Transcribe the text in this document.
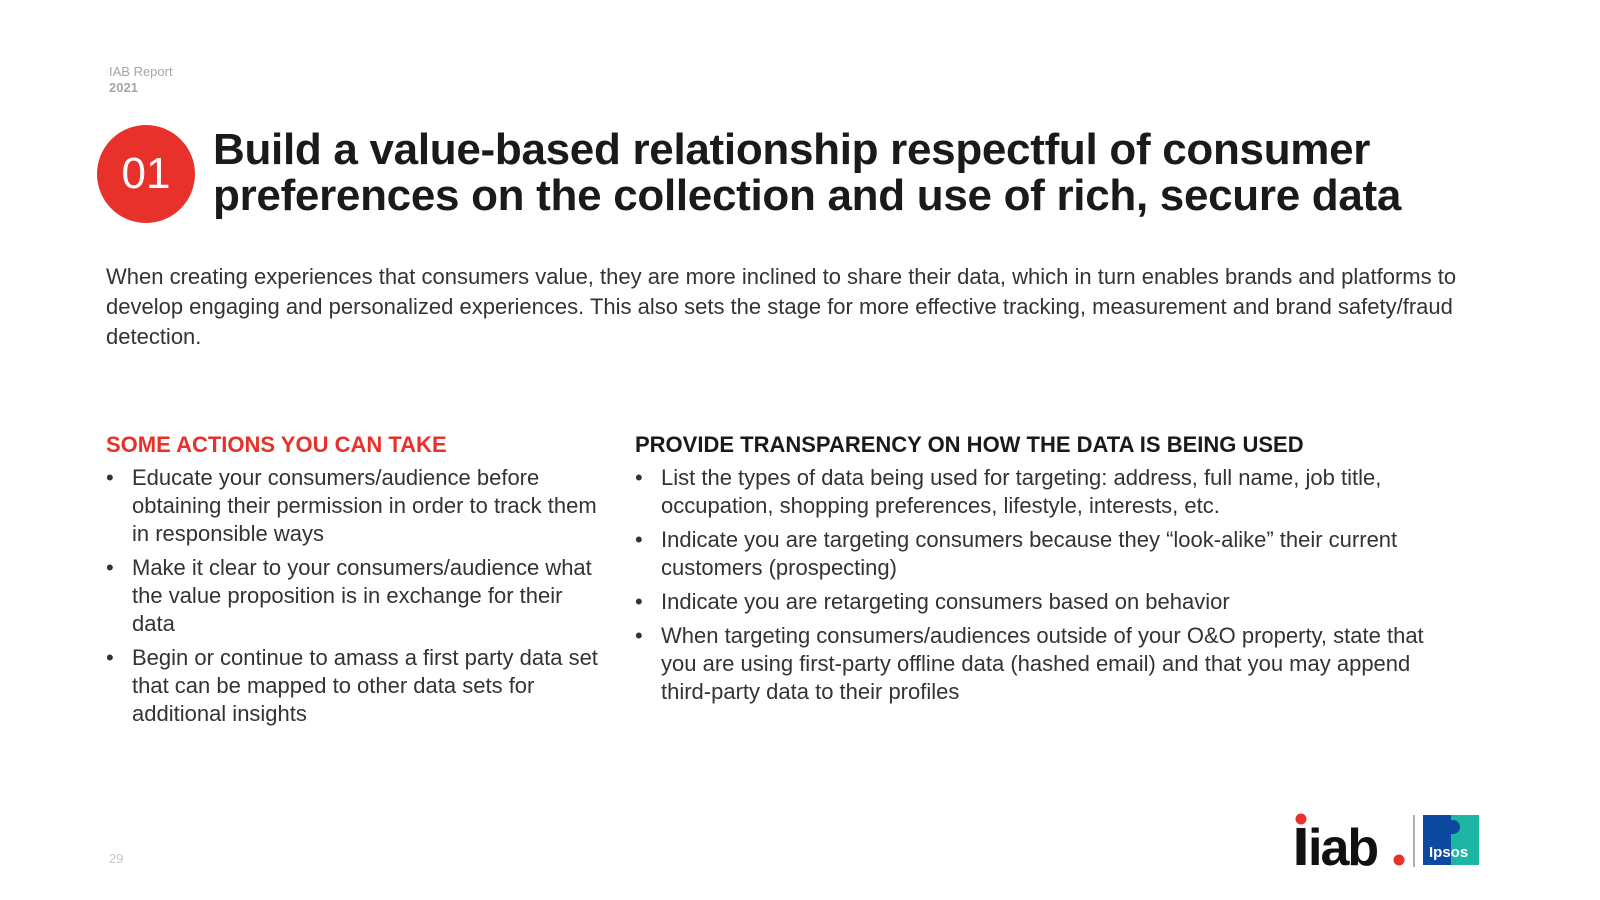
IAB Report
2021
01 Build a value-based relationship respectful of consumer preferences on the collection and use of rich, secure data

When creating experiences that consumers value, they are more inclined to share their data, which in turn enables brands and platforms to develop engaging and personalized experiences. This also sets the stage for more effective tracking, measurement and brand safety/fraud detection.

SOME ACTIONS YOU CAN TAKE
• Educate your consumers/audience before obtaining their permission in order to track them in responsible ways
• Make it clear to your consumers/audience what the value proposition is in exchange for their data
• Begin or continue to amass a first party data set that can be mapped to other data sets for additional insights
PROVIDE TRANSPARENCY ON HOW THE DATA IS BEING USED
• List the types of data being used for targeting: address, full name, job title, occupation, shopping preferences, lifestyle, interests, etc.
• Indicate you are targeting consumers because they “look-alike” their current customers (prospecting)
• Indicate you are retargeting consumers based on behavior
• When targeting consumers/audiences outside of your O&O property, state that you are using first-party offline data (hashed email) and that you may append third-party data to their profiles
29	iab	Ipsos
